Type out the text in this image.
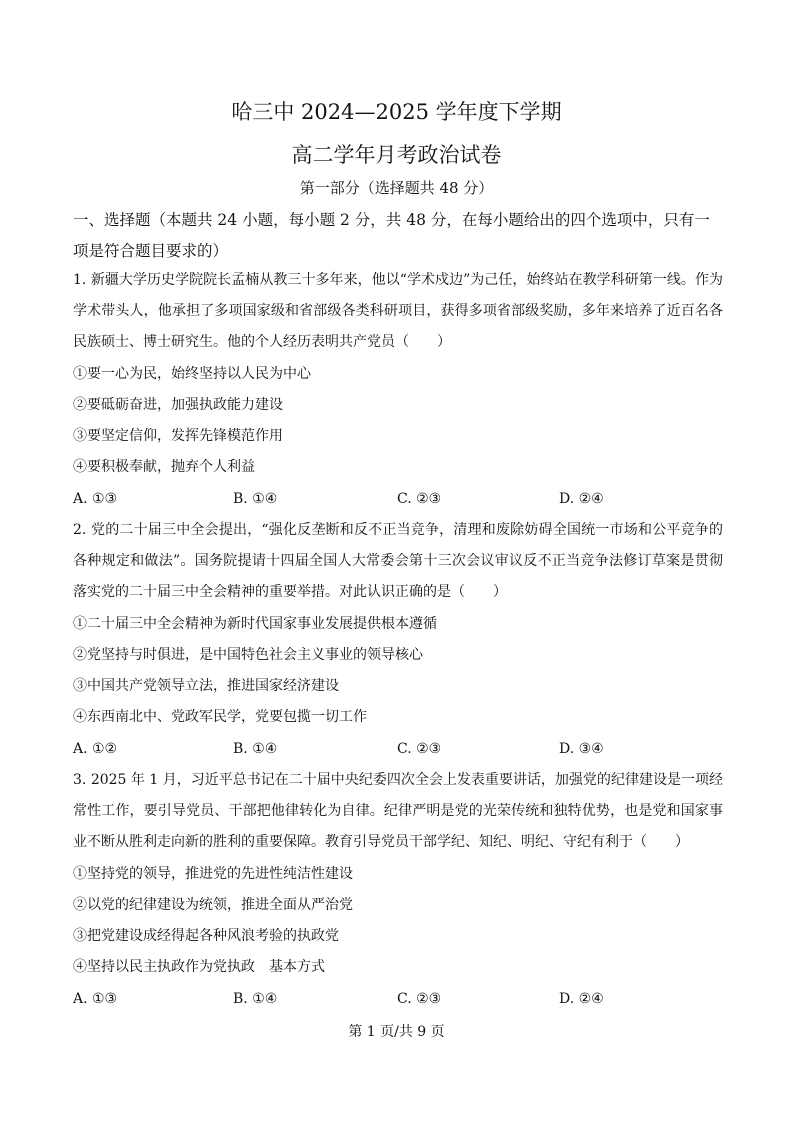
哈三中 2024—2025 学年度下学期
高二学年月考政治试卷
第一部分（选择题共 48 分）
一、选择题（本题共 24 小题，每小题 2 分，共 48 分，在每小题给出的四个选项中，只有一项是符合题目要求的）
1. 新疆大学历史学院院长孟楠从教三十多年来，他以“学术戍边”为己任，始终站在教学科研第一线。作为学术带头人，他承担了多项国家级和省部级各类科研项目，获得多项省部级奖励，多年来培养了近百名各民族硕士、博士研究生。他的个人经历表明共产党员（　　）
①要一心为民，始终坚持以人民为中心
②要砥砺奋进，加强执政能力建设
③要坚定信仰，发挥先锋模范作用
④要积极奉献，抛弃个人利益
A. ①③	B. ①④	C. ②③	D. ②④
2. 党的二十届三中全会提出，“强化反垄断和反不正当竞争，清理和废除妨碍全国统一市场和公平竞争的各种规定和做法”。国务院提请十四届全国人大常委会第十三次会议审议反不正当竞争法修订草案是贯彻落实党的二十届三中全会精神的重要举措。对此认识正确的是（　　）
①二十届三中全会精神为新时代国家事业发展提供根本遵循
②党坚持与时俱进，是中国特色社会主义事业的领导核心
③中国共产党领导立法，推进国家经济建设
④东西南北中、党政军民学，党要包揽一切工作
A. ①②	B. ①④	C. ②③	D. ③④
3. 2025 年 1 月，习近平总书记在二十届中央纪委四次全会上发表重要讲话，加强党的纪律建设是一项经常性工作，要引导党员、干部把他律转化为自律。纪律严明是党的光荣传统和独特优势，也是党和国家事业不断从胜利走向新的胜利的重要保障。教育引导党员干部学纪、知纪、明纪、守纪有利于（　　）
①坚持党的领导，推进党的先进性纯洁性建设
②以党的纪律建设为统领，推进全面从严治党
③把党建设成经得起各种风浪考验的执政党
④坚持以民主执政作为党执政　基本方式
A. ①③	B. ①④	C. ②③	D. ②④
第 1 页/共 9 页
